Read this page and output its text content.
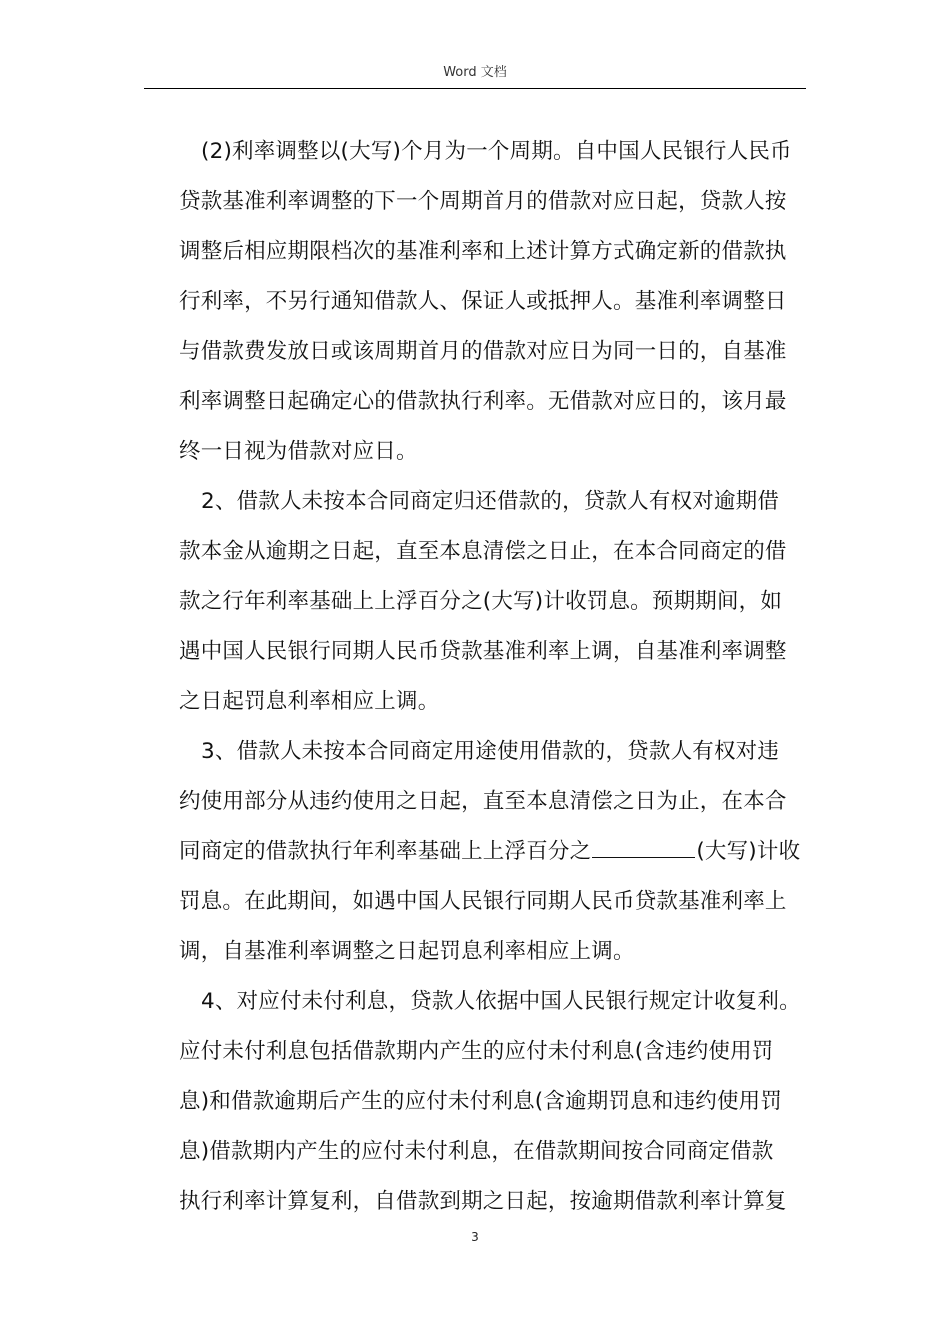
Word 文档
(2)利率调整以(大写)个月为一个周期。自中国人民银行人民币
贷款基准利率调整的下一个周期首月的借款对应日起，贷款人按
调整后相应期限档次的基准利率和上述计算方式确定新的借款执
行利率，不另行通知借款人、保证人或抵押人。基准利率调整日
与借款费发放日或该周期首月的借款对应日为同一日的，自基准
利率调整日起确定心的借款执行利率。无借款对应日的，该月最
终一日视为借款对应日。
2、借款人未按本合同商定归还借款的，贷款人有权对逾期借
款本金从逾期之日起，直至本息清偿之日止，在本合同商定的借
款之行年利率基础上上浮百分之(大写)计收罚息。预期期间，如
遇中国人民银行同期人民币贷款基准利率上调，自基准利率调整
之日起罚息利率相应上调。
3、借款人未按本合同商定用途使用借款的，贷款人有权对违
约使用部分从违约使用之日起，直至本息清偿之日为止，在本合
同商定的借款执行年利率基础上上浮百分之	(大写)计收
罚息。在此期间，如遇中国人民银行同期人民币贷款基准利率上
调，自基准利率调整之日起罚息利率相应上调。
4、对应付未付利息，贷款人依据中国人民银行规定计收复利。
应付未付利息包括借款期内产生的应付未付利息(含违约使用罚
息)和借款逾期后产生的应付未付利息(含逾期罚息和违约使用罚
息)借款期内产生的应付未付利息，在借款期间按合同商定借款
执行利率计算复利，自借款到期之日起，按逾期借款利率计算复
3
